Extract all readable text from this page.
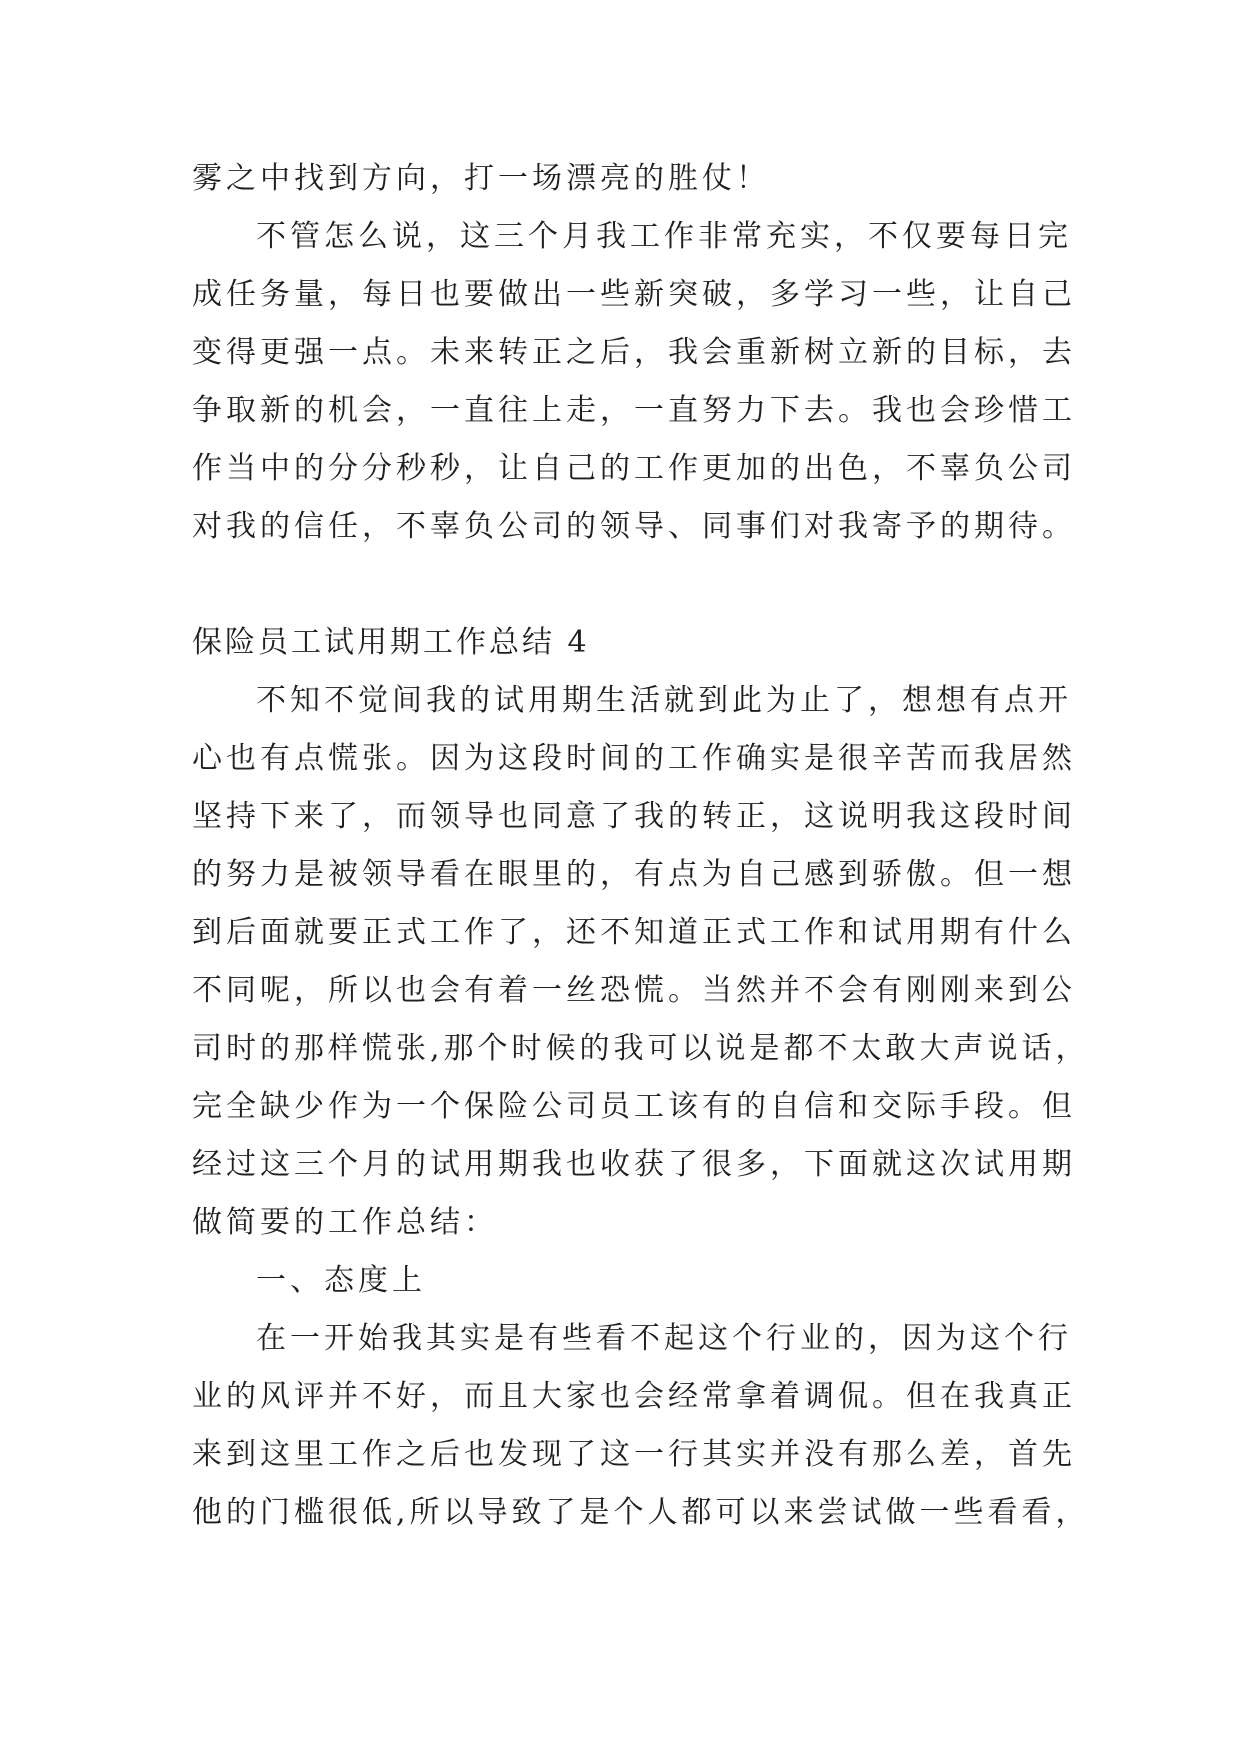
雾之中找到方向，打一场漂亮的胜仗！
不管怎么说，这三个月我工作非常充实，不仅要每日完
成任务量，每日也要做出一些新突破，多学习一些，让自己
变得更强一点。未来转正之后，我会重新树立新的目标，去
争取新的机会，一直往上走，一直努力下去。我也会珍惜工
作当中的分分秒秒，让自己的工作更加的出色，不辜负公司
对我的信任，不辜负公司的领导、同事们对我寄予的期待。
保险员工试用期工作总结 4
不知不觉间我的试用期生活就到此为止了，想想有点开
心也有点慌张。因为这段时间的工作确实是很辛苦而我居然
坚持下来了，而领导也同意了我的转正，这说明我这段时间
的努力是被领导看在眼里的，有点为自己感到骄傲。但一想
到后面就要正式工作了，还不知道正式工作和试用期有什么
不同呢，所以也会有着一丝恐慌。当然并不会有刚刚来到公
司时的那样慌张,那个时候的我可以说是都不太敢大声说话，
完全缺少作为一个保险公司员工该有的自信和交际手段。但
经过这三个月的试用期我也收获了很多，下面就这次试用期
做简要的工作总结：
一、态度上
在一开始我其实是有些看不起这个行业的，因为这个行
业的风评并不好，而且大家也会经常拿着调侃。但在我真正
来到这里工作之后也发现了这一行其实并没有那么差，首先
他的门槛很低,所以导致了是个人都可以来尝试做一些看看，
